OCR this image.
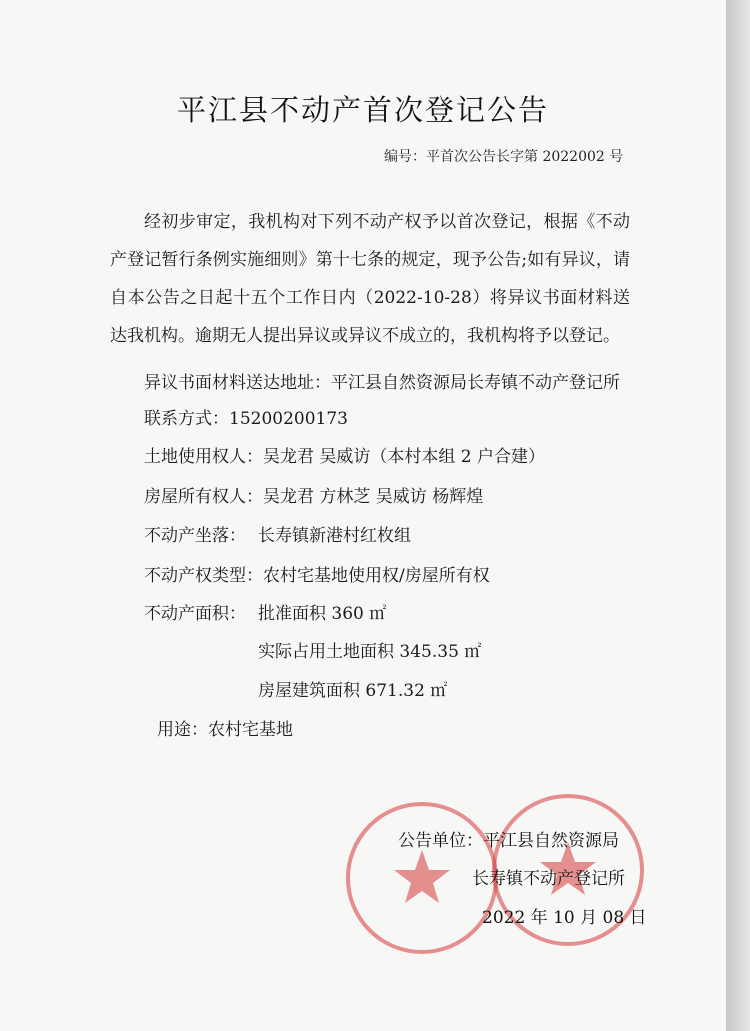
平江县不动产首次登记公告
编号：平首次公告长字第 2022002 号

经初步审定，我机构对下列不动产权予以首次登记，根据《不动产登记暂行条例实施细则》第十七条的规定，现予公告;如有异议，请自本公告之日起十五个工作日内（2022-10-28）将异议书面材料送达我机构。逾期无人提出异议或异议不成立的，我机构将予以登记。

异议书面材料送达地址：平江县自然资源局长寿镇不动产登记所
联系方式：15200200173
土地使用权人：吴龙君 吴威访（本村本组 2 户合建）
房屋所有权人：吴龙君 方林芝 吴威访 杨辉煌
不动产坐落： 长寿镇新港村红枚组
不动产权类型：农村宅基地使用权/房屋所有权
不动产面积： 批准面积 360 ㎡
实际占用土地面积 345.35 ㎡
房屋建筑面积 671.32 ㎡
用途：农村宅基地
公告单位：平江县自然资源局
长寿镇不动产登记所
2022 年 10 月 08 日
